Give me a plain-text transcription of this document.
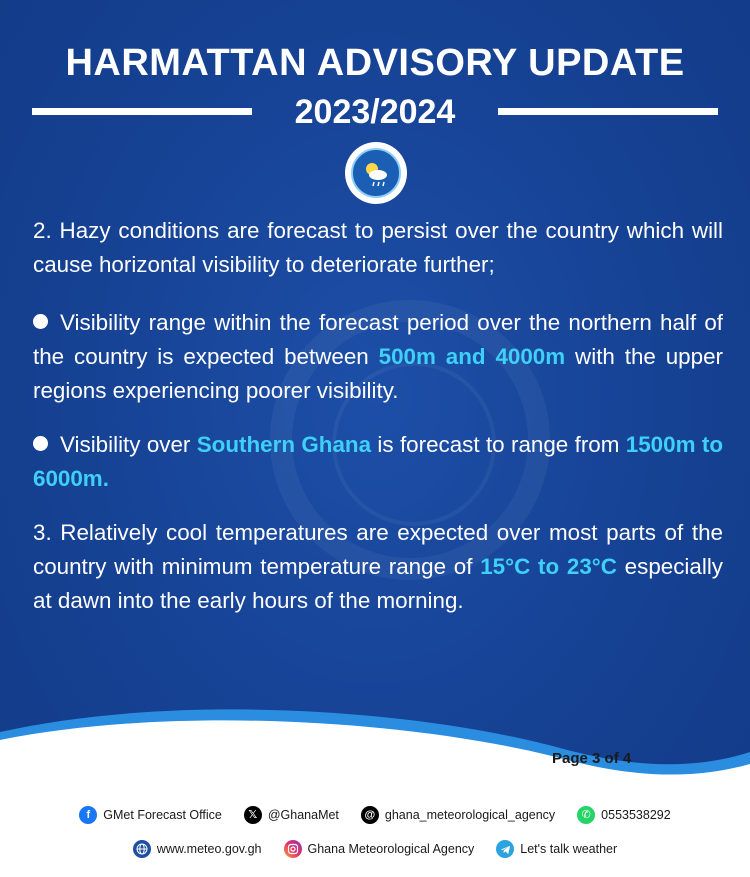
HARMATTAN ADVISORY UPDATE
2023/2024

2. Hazy conditions are forecast to persist over the country which will cause horizontal visibility to deteriorate further;

Visibility range within the forecast period over the northern half of the country is expected between 500m and 4000m with the upper regions experiencing poorer visibility.

Visibility over Southern Ghana is forecast to range from 1500m to 6000m.

3. Relatively cool temperatures are expected over most parts of the country with minimum temperature range of 15°C to 23°C especially at dawn into the early hours of the morning.

Page 3 of 4
f	GMet Forecast Office	𝕏 @GhanaMet	@ ghana_meteorological_agency	✆ 0553538292
www.meteo.gov.gh	Ghana Meteorological Agency	Let's talk weather
